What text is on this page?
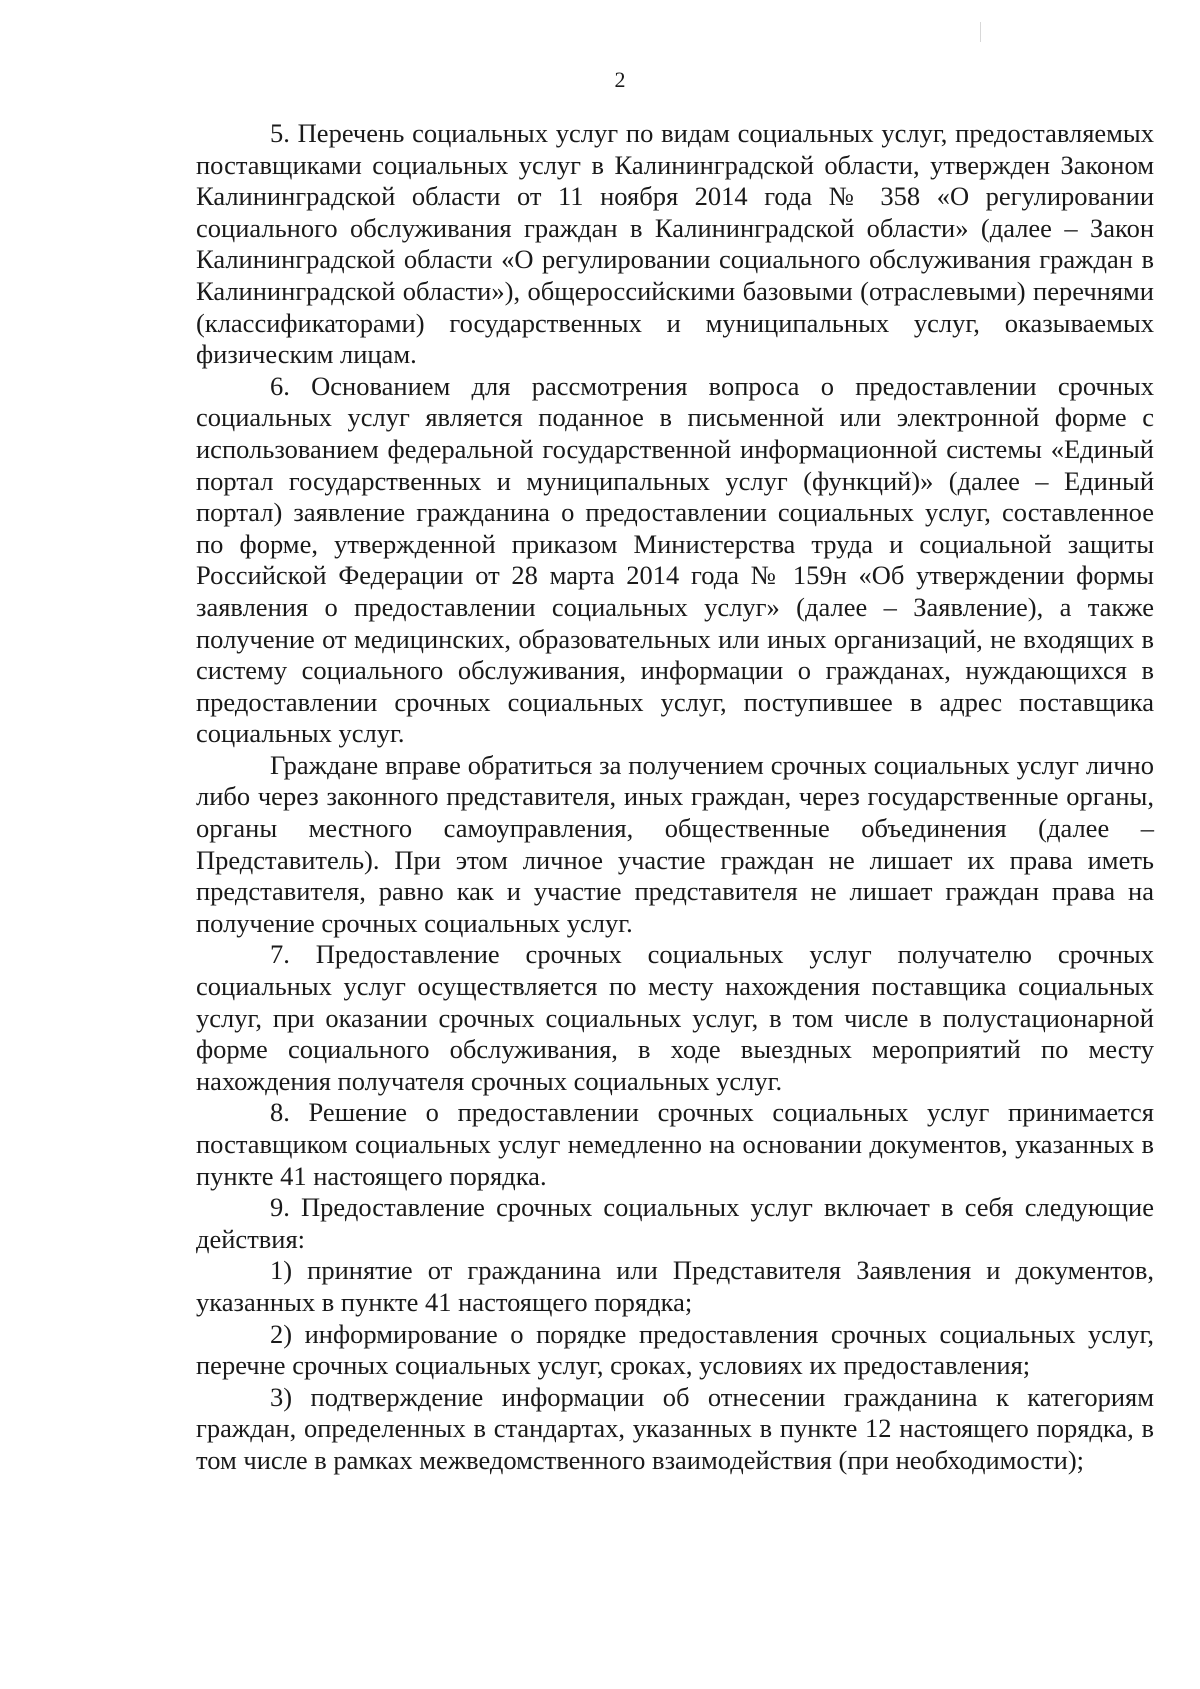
2

5. Перечень социальных услуг по видам социальных услуг, предоставляемых поставщиками социальных услуг в Калининградской области, утвержден Законом Калининградской области от 11 ноября 2014 года № 358 «О регулировании социального обслуживания граждан в Калининградской области» (далее – Закон Калининградской области «О регулировании социального обслуживания граждан в Калининградской области»), общероссийскими базовыми (отраслевыми) перечнями (классификаторами) государственных и муниципальных услуг, оказываемых физическим лицам.

6. Основанием для рассмотрения вопроса о предоставлении срочных социальных услуг является поданное в письменной или электронной форме с использованием федеральной государственной информационной системы «Единый портал государственных и муниципальных услуг (функций)» (далее – Единый портал) заявление гражданина о предоставлении социальных услуг, составленное по форме, утвержденной приказом Министерства труда и социальной защиты Российской Федерации от 28 марта 2014 года № 159н «Об утверждении формы заявления о предоставлении социальных услуг» (далее – Заявление), а также получение от медицинских, образовательных или иных организаций, не входящих в систему социального обслуживания, информации о гражданах, нуждающихся в предоставлении срочных социальных услуг, поступившее в адрес поставщика социальных услуг.

Граждане вправе обратиться за получением срочных социальных услуг лично либо через законного представителя, иных граждан, через государственные органы, органы местного самоуправления, общественные объединения (далее – Представитель). При этом личное участие граждан не лишает их права иметь представителя, равно как и участие представителя не лишает граждан права на получение срочных социальных услуг.

7. Предоставление срочных социальных услуг получателю срочных социальных услуг осуществляется по месту нахождения поставщика социальных услуг, при оказании срочных социальных услуг, в том числе в полустационарной форме социального обслуживания, в ходе выездных мероприятий по месту нахождения получателя срочных социальных услуг.

8. Решение о предоставлении срочных социальных услуг принимается поставщиком социальных услуг немедленно на основании документов, указанных в пункте 41 настоящего порядка.

9. Предоставление срочных социальных услуг включает в себя следующие действия:

1) принятие от гражданина или Представителя Заявления и документов, указанных в пункте 41 настоящего порядка;

2) информирование о порядке предоставления срочных социальных услуг, перечне срочных социальных услуг, сроках, условиях их предоставления;

3) подтверждение информации об отнесении гражданина к категориям граждан, определенных в стандартах, указанных в пункте 12 настоящего порядка, в том числе в рамках межведомственного взаимодействия (при необходимости);
